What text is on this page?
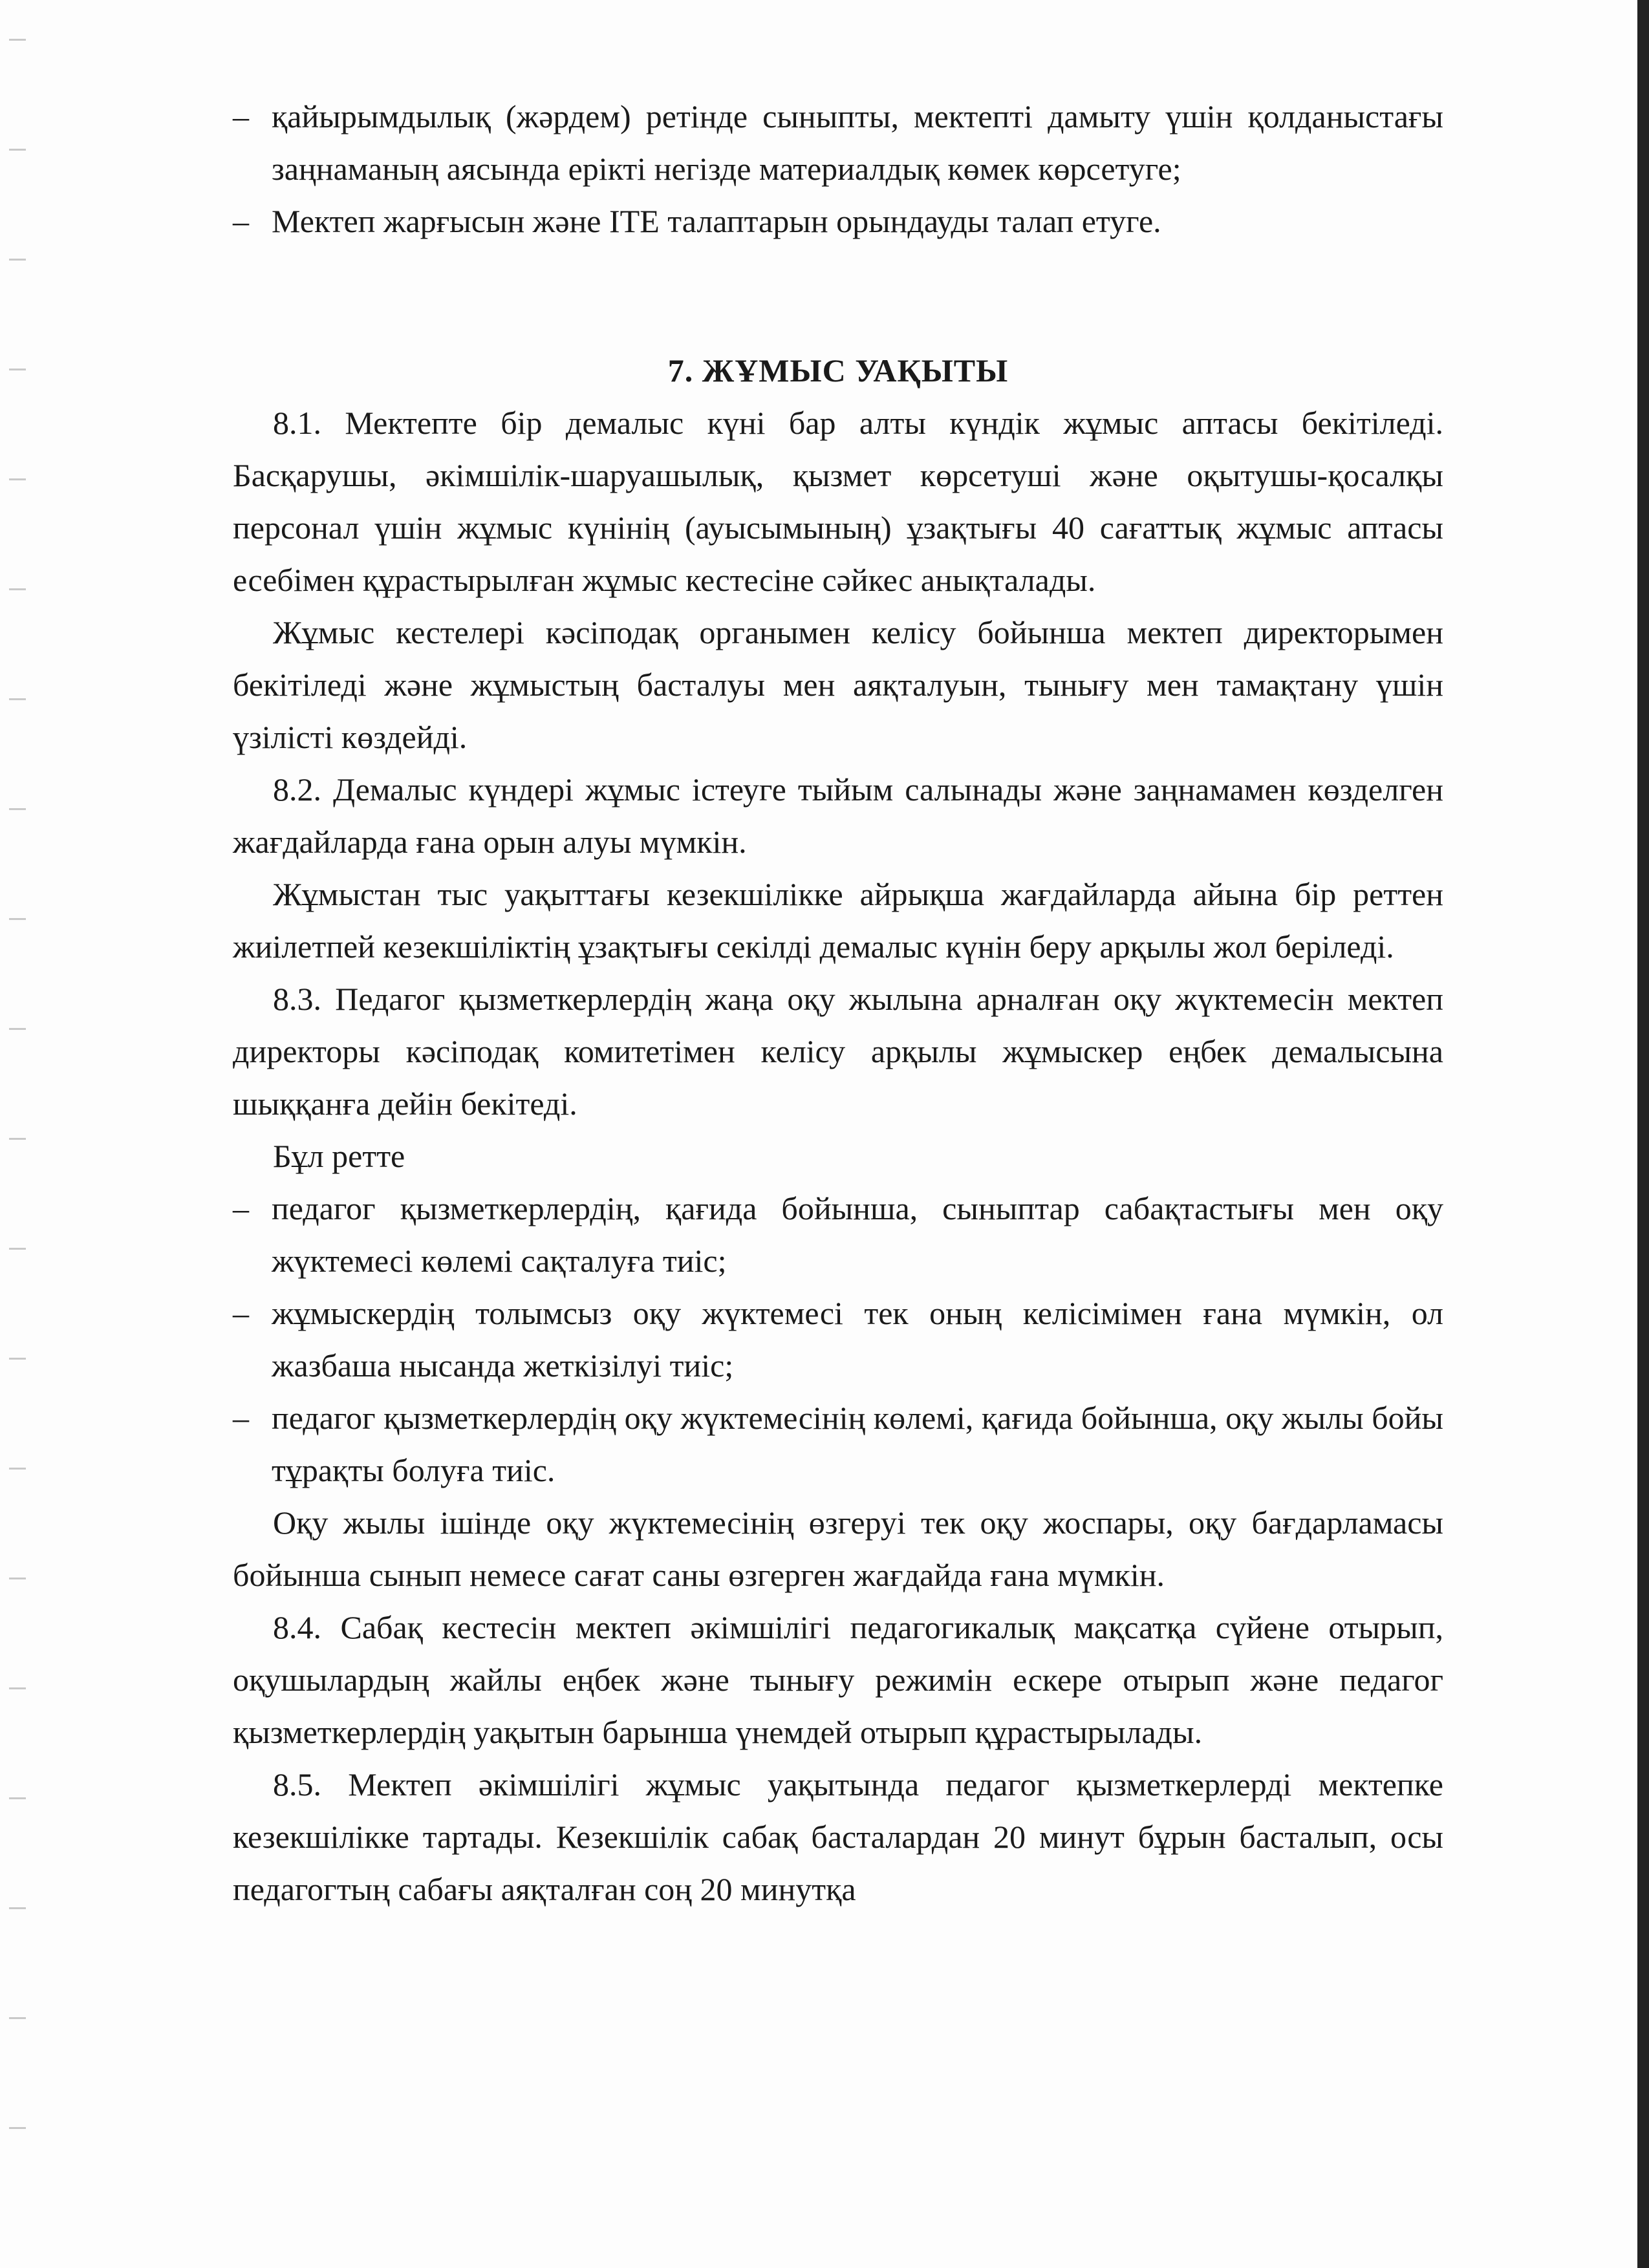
– қайырымдылық (жәрдем) ретінде сыныпты, мектепті дамыту үшін қолданыстағы заңнаманың аясында ерікті негізде материалдық көмек көрсетуге;
– Мектеп жарғысын және ІТЕ талаптарын орындауды талап етуге.
7. ЖҰМЫС УАҚЫТЫ

8.1. Мектепте бір демалыс күні бар алты күндік жұмыс аптасы бекітіледі. Басқарушы, әкімшілік-шаруашылық, қызмет көрсетуші және оқытушы-қосалқы персонал үшін жұмыс күнінің (ауысымының) ұзақтығы 40 сағаттық жұмыс аптасы есебімен құрастырылған жұмыс кестесіне сәйкес анықталады.

Жұмыс кестелері кәсіподақ органымен келісу бойынша мектеп директорымен бекітіледі және жұмыстың басталуы мен аяқталуын, тынығу мен тамақтану үшін үзілісті көздейді.

8.2. Демалыс күндері жұмыс істеуге тыйым салынады және заңнамамен көзделген жағдайларда ғана орын алуы мүмкін.

Жұмыстан тыс уақыттағы кезекшілікке айрықша жағдайларда айына бір реттен жиілетпей кезекшіліктің ұзақтығы секілді демалыс күнін беру арқылы жол беріледі.

8.3. Педагог қызметкерлердің жаңа оқу жылына арналған оқу жүктемесін мектеп директоры кәсіподақ комитетімен келісу арқылы жұмыскер еңбек демалысына шыққанға дейін бекітеді.

Бұл ретте

– педагог қызметкерлердің, қағида бойынша, сыныптар сабақтастығы мен оқу жүктемесі көлемі сақталуға тиіс;
– жұмыскердің толымсыз оқу жүктемесі тек оның келісімімен ғана мүмкін, ол жазбаша нысанда жеткізілуі тиіс;
– педагог қызметкерлердің оқу жүктемесінің көлемі, қағида бойынша, оқу жылы бойы тұрақты болуға тиіс.

Оқу жылы ішінде оқу жүктемесінің өзгеруі тек оқу жоспары, оқу бағдарламасы бойынша сынып немесе сағат саны өзгерген жағдайда ғана мүмкін.

8.4. Сабақ кестесін мектеп әкімшілігі педагогикалық мақсатқа сүйене отырып, оқушылардың жайлы еңбек және тынығу режимін ескере отырып және педагог қызметкерлердің уақытын барынша үнемдей отырып құрастырылады.

8.5. Мектеп әкімшілігі жұмыс уақытында педагог қызметкерлерді мектепке кезекшілікке тартады. Кезекшілік сабақ басталардан 20 минут бұрын басталып, осы педагогтың сабағы аяқталған соң 20 минутқа
